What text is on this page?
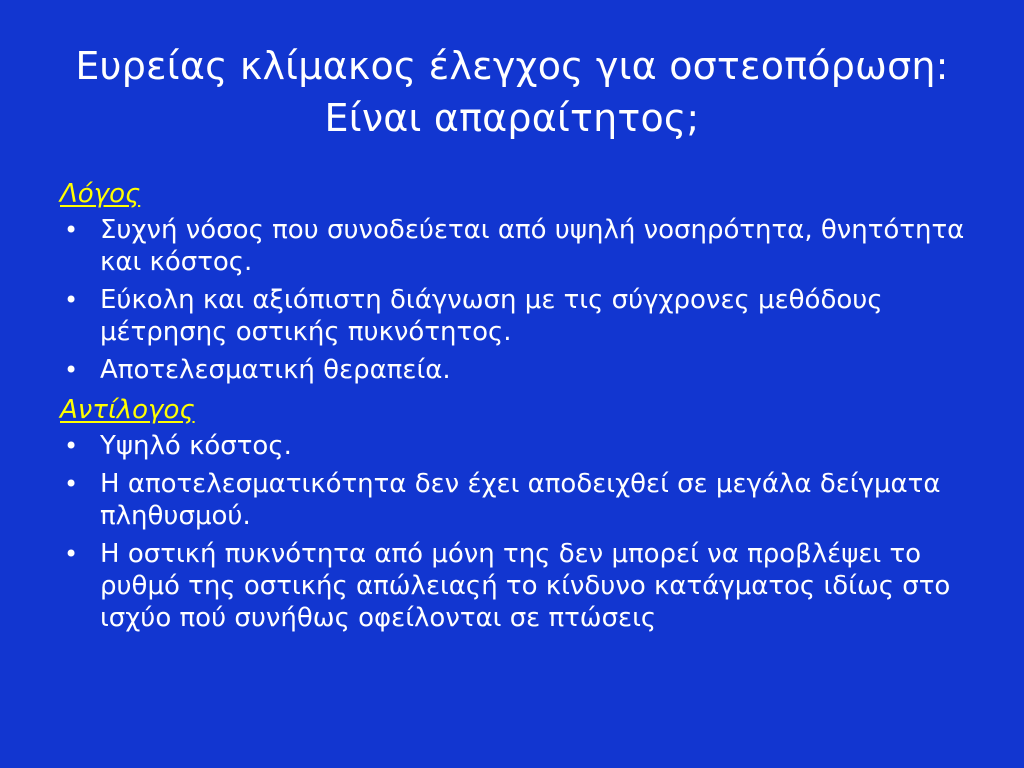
Ευρείας κλίμακος έλεγχος για οστεοπόρωση:
Είναι απαραίτητος;
Λόγος
• Συχνή νόσος που συνοδεύεται από υψηλή νοσηρότητα, θνητότητα και κόστος.
• Εύκολη και αξιόπιστη διάγνωση με τις σύγχρονες μεθόδους μέτρησης οστικής πυκνότητος.
• Αποτελεσματική θεραπεία.
Αντίλογος
• Υψηλό κόστος.
• Η αποτελεσματικότητα δεν έχει αποδειχθεί σε μεγάλα δείγματα πληθυσμού.
• Η οστική πυκνότητα από μόνη της δεν μπορεί να προβλέψει το ρυθμό της οστικής απώλειαςή το κίνδυνο κατάγματος ιδίως στο ισχύο πού συνήθως οφείλονται σε πτώσεις
